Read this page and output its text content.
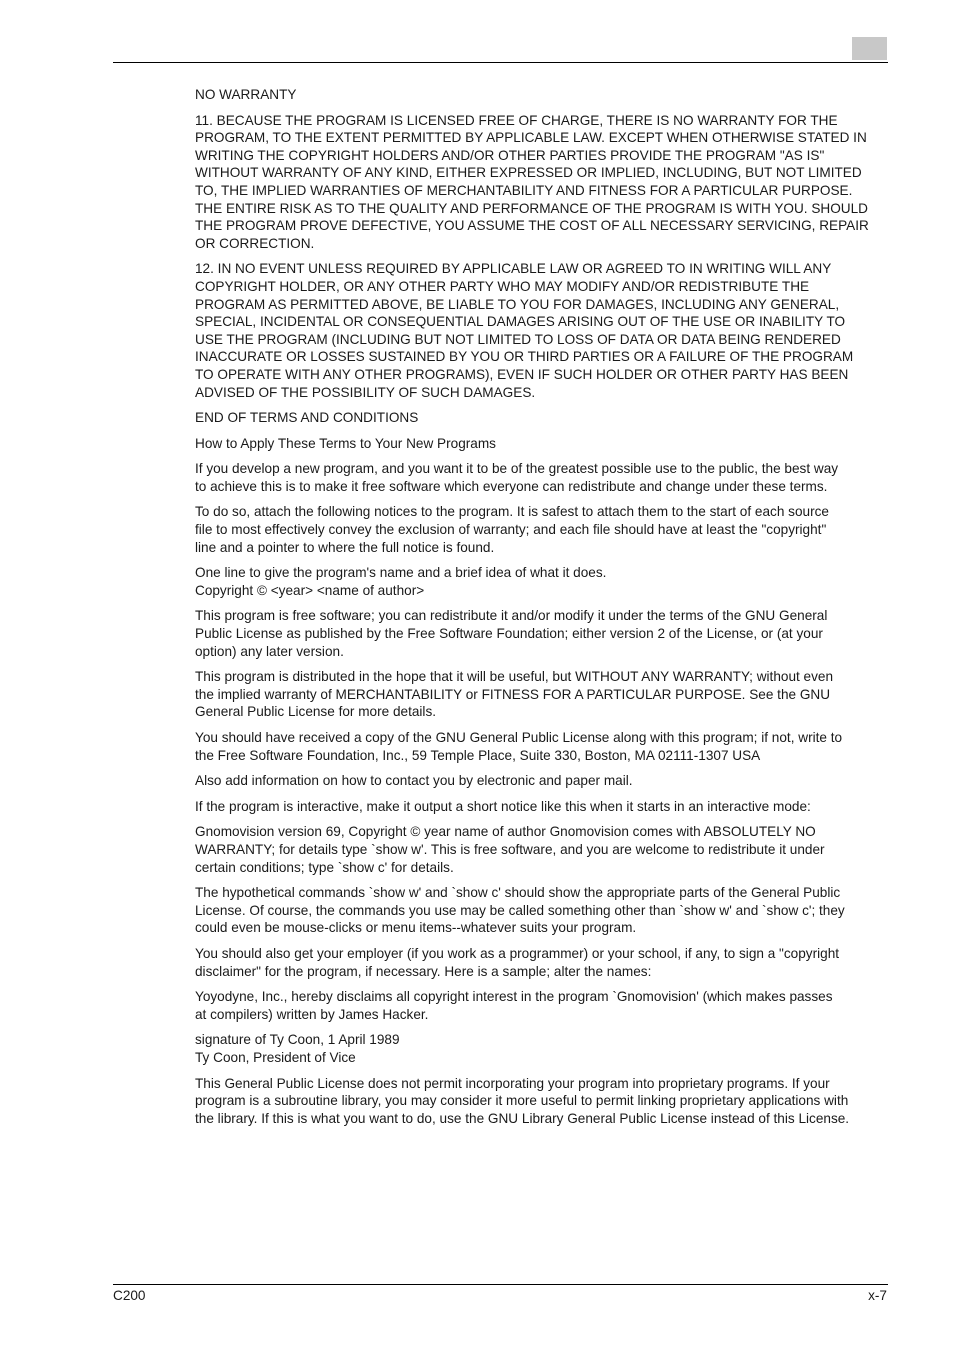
NO WARRANTY

11. BECAUSE THE PROGRAM IS LICENSED FREE OF CHARGE, THERE IS NO WARRANTY FOR THE
PROGRAM, TO THE EXTENT PERMITTED BY APPLICABLE LAW. EXCEPT WHEN OTHERWISE STATED IN
WRITING THE COPYRIGHT HOLDERS AND/OR OTHER PARTIES PROVIDE THE PROGRAM "AS IS"
WITHOUT WARRANTY OF ANY KIND, EITHER EXPRESSED OR IMPLIED, INCLUDING, BUT NOT LIMITED
TO, THE IMPLIED WARRANTIES OF MERCHANTABILITY AND FITNESS FOR A PARTICULAR PURPOSE.
THE ENTIRE RISK AS TO THE QUALITY AND PERFORMANCE OF THE PROGRAM IS WITH YOU. SHOULD
THE PROGRAM PROVE DEFECTIVE, YOU ASSUME THE COST OF ALL NECESSARY SERVICING, REPAIR
OR CORRECTION.

12. IN NO EVENT UNLESS REQUIRED BY APPLICABLE LAW OR AGREED TO IN WRITING WILL ANY
COPYRIGHT HOLDER, OR ANY OTHER PARTY WHO MAY MODIFY AND/OR REDISTRIBUTE THE
PROGRAM AS PERMITTED ABOVE, BE LIABLE TO YOU FOR DAMAGES, INCLUDING ANY GENERAL,
SPECIAL, INCIDENTAL OR CONSEQUENTIAL DAMAGES ARISING OUT OF THE USE OR INABILITY TO
USE THE PROGRAM (INCLUDING BUT NOT LIMITED TO LOSS OF DATA OR DATA BEING RENDERED
INACCURATE OR LOSSES SUSTAINED BY YOU OR THIRD PARTIES OR A FAILURE OF THE PROGRAM
TO OPERATE WITH ANY OTHER PROGRAMS), EVEN IF SUCH HOLDER OR OTHER PARTY HAS BEEN
ADVISED OF THE POSSIBILITY OF SUCH DAMAGES.

END OF TERMS AND CONDITIONS

How to Apply These Terms to Your New Programs

If you develop a new program, and you want it to be of the greatest possible use to the public, the best way
to achieve this is to make it free software which everyone can redistribute and change under these terms.

To do so, attach the following notices to the program. It is safest to attach them to the start of each source
file to most effectively convey the exclusion of warranty; and each file should have at least the "copyright"
line and a pointer to where the full notice is found.

One line to give the program's name and a brief idea of what it does.
Copyright © <year> <name of author>

This program is free software; you can redistribute it and/or modify it under the terms of the GNU General
Public License as published by the Free Software Foundation; either version 2 of the License, or (at your
option) any later version.

This program is distributed in the hope that it will be useful, but WITHOUT ANY WARRANTY; without even
the implied warranty of MERCHANTABILITY or FITNESS FOR A PARTICULAR PURPOSE. See the GNU
General Public License for more details.

You should have received a copy of the GNU General Public License along with this program; if not, write to
the Free Software Foundation, Inc., 59 Temple Place, Suite 330, Boston, MA 02111-1307 USA

Also add information on how to contact you by electronic and paper mail.

If the program is interactive, make it output a short notice like this when it starts in an interactive mode:

Gnomovision version 69, Copyright © year name of author Gnomovision comes with ABSOLUTELY NO
WARRANTY; for details type `show w'. This is free software, and you are welcome to redistribute it under
certain conditions; type `show c' for details.

The hypothetical commands `show w' and `show c' should show the appropriate parts of the General Public
License. Of course, the commands you use may be called something other than `show w' and `show c'; they
could even be mouse-clicks or menu items--whatever suits your program.

You should also get your employer (if you work as a programmer) or your school, if any, to sign a "copyright
disclaimer" for the program, if necessary. Here is a sample; alter the names:

Yoyodyne, Inc., hereby disclaims all copyright interest in the program `Gnomovision' (which makes passes
at compilers) written by James Hacker.

signature of Ty Coon, 1 April 1989
Ty Coon, President of Vice

This General Public License does not permit incorporating your program into proprietary programs. If your
program is a subroutine library, you may consider it more useful to permit linking proprietary applications with
the library. If this is what you want to do, use the GNU Library General Public License instead of this License.

C200	x-7
